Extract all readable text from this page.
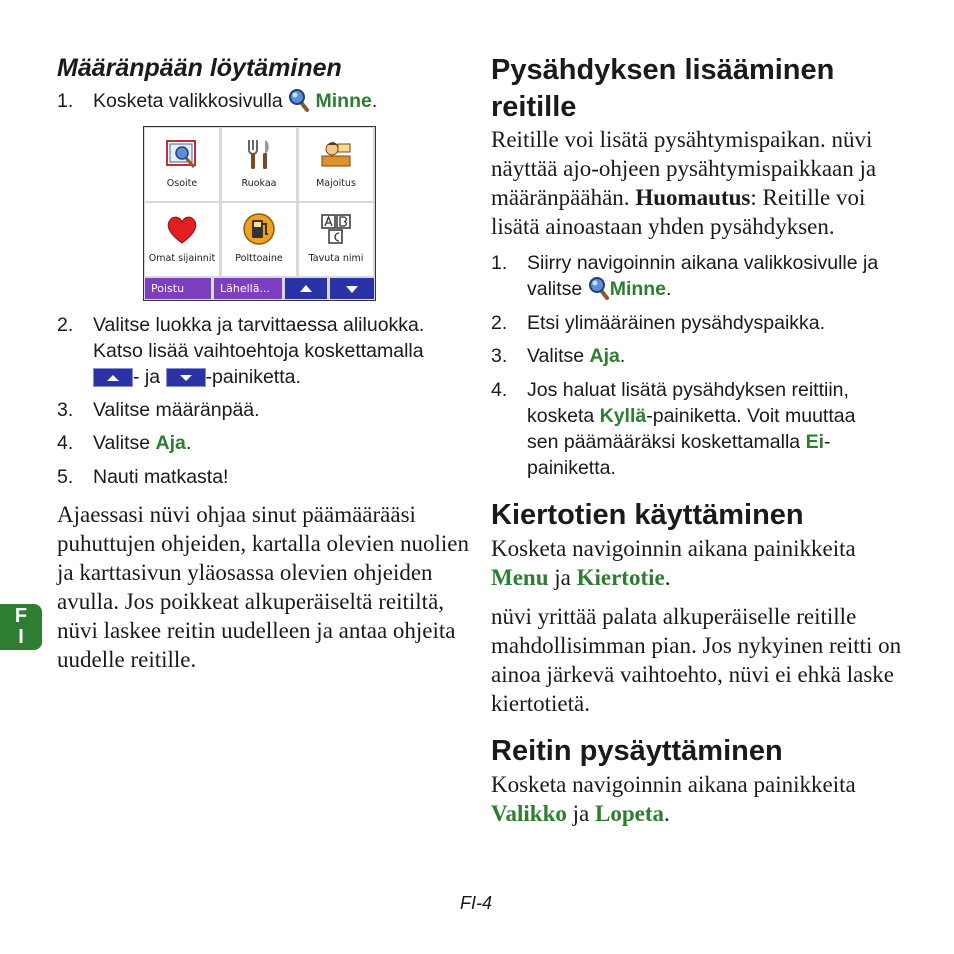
Määränpään löytäminen
1. Kosketa valikkosivulla Minne.
Osoite	Ruokaa	Majoitus
Omat sijainnit	Polttoaine	Tavuta nimi
Poistu	Lähellä...
2. Valitse luokka ja tarvittaessa aliluokka.
Katso lisää vaihtoehtoja koskettamalla
- ja -painiketta.
3. Valitse määränpää.
4. Valitse Aja.
5. Nauti matkasta!
Ajaessasi nüvi ohjaa sinut päämäärääsi
puhuttujen ohjeiden, kartalla olevien nuolien
ja karttasivun yläosassa olevien ohjeiden
avulla. Jos poikkeat alkuperäiseltä reitiltä,
nüvi laskee reitin uudelleen ja antaa ohjeita
uudelle reitille.
F
I
Pysähdyksen lisääminen
reitille
Reitille voi lisätä pysähtymispaikan. nüvi
näyttää ajo-ohjeen pysähtymispaikkaan ja
määränpäähän. Huomautus: Reitille voi
lisätä ainoastaan yhden pysähdyksen.
1. Siirry navigoinnin aikana valikkosivulle ja
valitse Minne.
2. Etsi ylimääräinen pysähdyspaikka.
3. Valitse Aja.
4. Jos haluat lisätä pysähdyksen reittiin,
kosketa Kyllä-painiketta. Voit muuttaa
sen päämääräksi koskettamalla Ei-
painiketta.
Kiertotien käyttäminen
Kosketa navigoinnin aikana painikkeita
Menu ja Kiertotie.
nüvi yrittää palata alkuperäiselle reitille
mahdollisimman pian. Jos nykyinen reitti on
ainoa järkevä vaihtoehto, nüvi ei ehkä laske
kiertotietä.
Reitin pysäyttäminen
Kosketa navigoinnin aikana painikkeita
Valikko ja Lopeta.
FI-4
